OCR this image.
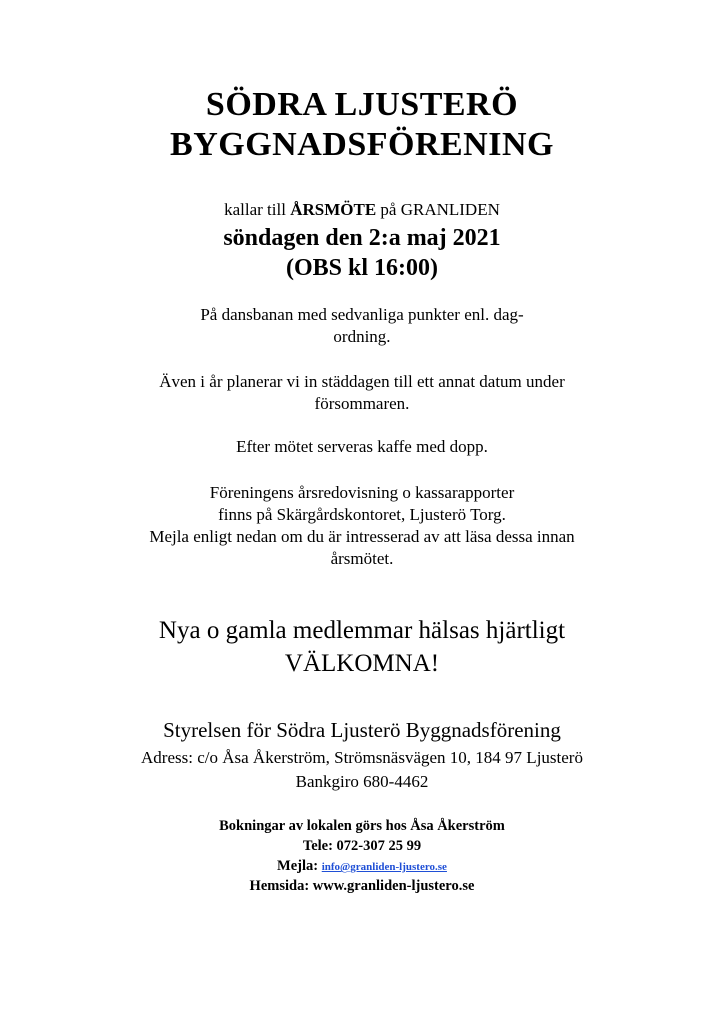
SÖDRA LJUSTERÖ

BYGGNADSFÖRENING

kallar till ÅRSMÖTE på GRANLIDEN

söndagen den 2:a maj 2021

(OBS kl 16:00)

På dansbanan med sedvanliga punkter enl. dag-

ordning.

Även i år planerar vi in städdagen till ett annat datum under

försommaren.

Efter mötet serveras kaffe med dopp.

Föreningens årsredovisning o kassarapporter

finns på Skärgårdskontoret, Ljusterö Torg.

Mejla enligt nedan om du är intresserad av att läsa dessa innan

årsmötet.

Nya o gamla medlemmar hälsas hjärtligt

VÄLKOMNA!

Styrelsen för Södra Ljusterö Byggnadsförening

Adress: c/o Åsa Åkerström, Strömsnäsvägen 10, 184 97 Ljusterö

Bankgiro 680-4462

Bokningar av lokalen görs hos Åsa Åkerström

Tele: 072-307 25 99

Mejla: info@granliden-ljustero.se

Hemsida: www.granliden-ljustero.se
